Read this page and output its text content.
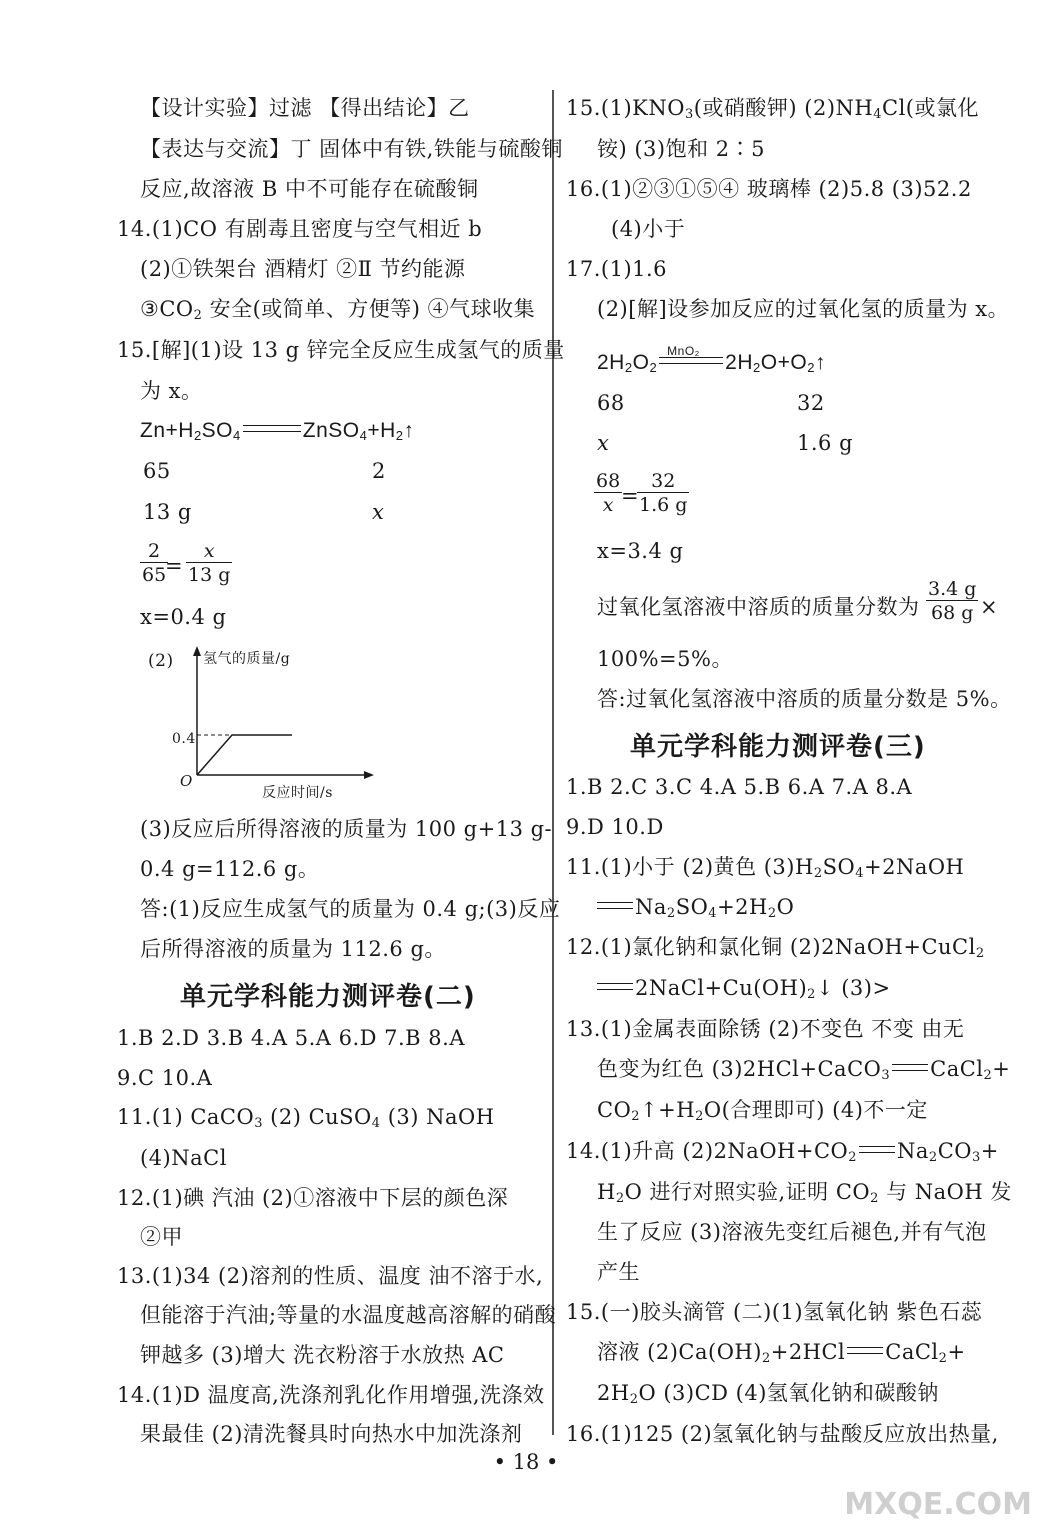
【设计实验】过滤 【得出结论】乙
【表达与交流】丁 固体中有铁,铁能与硫酸铜
反应,故溶液 B 中不可能存在硫酸铜
14.(1)CO 有剧毒且密度与空气相近 b
(2)①铁架台 酒精灯 ②Ⅱ 节约能源
$③CO_2$ 安全(或简单、方便等) ④气球收集
15.[解](1)设 13 g 锌完全反应生成氢气的质量
为 x。
$Zn+H_2SO_4$	$ZnSO_4+H_2↑$
65	2
13 g	x
$\frac{2}{65}$
= $\frac{x}{13 g}$
x=0.4 g
(2) 氢气的质量/g
0.4
O
反应时间/s
(3)反应后所得溶液的质量为 100 g+13 g-
0.4 g=112.6 g。
答:(1)反应生成氢气的质量为 0.4 g;(3)反应
后所得溶液的质量为 112.6 g。
单元学科能力测评卷(二)
1.B 2.D 3.B 4.A 5.A 6.D 7.B 8.A
9.C 10.A
11.(1) CaCO$_3$ (2) CuSO$_4$ (3) NaOH
(4)NaCl
12.(1)碘 汽油 (2)①溶液中下层的颜色深
②甲
13.(1)34 (2)溶剂的性质、温度 油不溶于水,
但能溶于汽油;等量的水温度越高溶解的硝酸
钾越多 (3)增大 洗衣粉溶于水放热 AC
14.(1)D 温度高,洗涤剂乳化作用增强,洗涤效
果最佳 (2)清洗餐具时向热水中加洗涤剂
$15.(1)KNO_3$(或硝酸钾) $(2)NH_4Cl$(或氯化
铵) (3)饱和 2∶5
16.(1)②③①⑤④ 玻璃棒 (2)5.8 (3)52.2
(4)小于
17.(1)1.6
(2)[解]设参加反应的过氧化氢的质量为 x。
$2H_2O_2$
MnO₂ $2H_2O+O_2↑$
68	32
x	1.6 g
$\frac{68}{x}$
=
$\frac{32}{1.6 g}$
x=3.4 g
过氧化氢溶液中溶质的质量分数为 $\frac{3.4 g}{68 g}$ ×
100%=5%。
答:过氧化氢溶液中溶质的质量分数是 5%。
单元学科能力测评卷(三)
1.B 2.C 3.C 4.A 5.B 6.A 7.A 8.A
9.D 10.D
11.(1)小于 (2)黄色 $(3)H_2SO_4+2NaOH$
$Na_2SO_4+2H_2O$
12.(1)氯化钠和氯化铜 (2)2NaOH+CuCl$_2$
$2NaCl+Cu(OH)_2↓$ (3)>
13.(1)金属表面除锈 (2)不变色 不变 由无
色变为红色 (3)2HCl+CaCO$_3$ CaCl$_2$+
$CO_2↑+H_2O$(合理即可) (4)不一定
14.(1)升高 $(2)2NaOH+CO_2$ $Na_2CO_3+$
$H_2O$ 进行对照实验,证明 $CO_2$ 与 NaOH 发
生了反应 (3)溶液先变红后褪色,并有气泡
产生
15.(一)胶头滴管 (二)(1)氢氧化钠 紫色石蕊
溶液 $(2)Ca(OH)_2+2HCl$ CaCl$_2$+
$2H_2O$ (3)CD (4)氢氧化钠和碳酸钠
16.(1)125 (2)氢氧化钠与盐酸反应放出热量,
• 18 •
MXQE.COM
